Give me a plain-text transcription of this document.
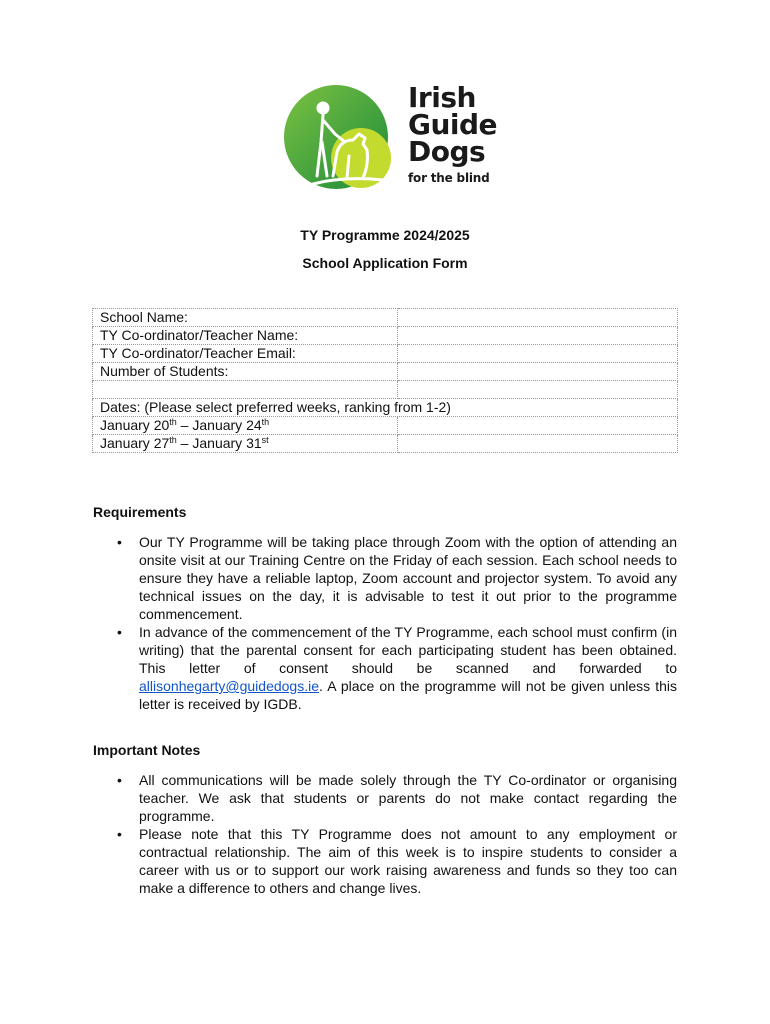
Irish
Guide
Dogs
for the blind
TY Programme 2024/2025
School Application Form
School Name:	
TY Co-ordinator/Teacher Name:	
TY Co-ordinator/Teacher Email:	
Number of Students:	

Dates: (Please select preferred weeks, ranking from 1-2)	
January 20th – January 24th	
January 27th – January 31st	
Requirements
• Our TY Programme will be taking place through Zoom with the option of attending an onsite visit at our Training Centre on the Friday of each session. Each school needs to ensure they have a reliable laptop, Zoom account and projector system. To avoid any technical issues on the day, it is advisable to test it out prior to the programme commencement.
• In advance of the commencement of the TY Programme, each school must confirm (in writing) that the parental consent for each participating student has been obtained. This letter of consent should be scanned and forwarded to allisonhegarty@guidedogs.ie. A place on the programme will not be given unless this letter is received by IGDB.
Important Notes
• All communications will be made solely through the TY Co-ordinator or organising teacher. We ask that students or parents do not make contact regarding the programme.
• Please note that this TY Programme does not amount to any employment or contractual relationship. The aim of this week is to inspire students to consider a career with us or to support our work raising awareness and funds so they too can make a difference to others and change lives.
